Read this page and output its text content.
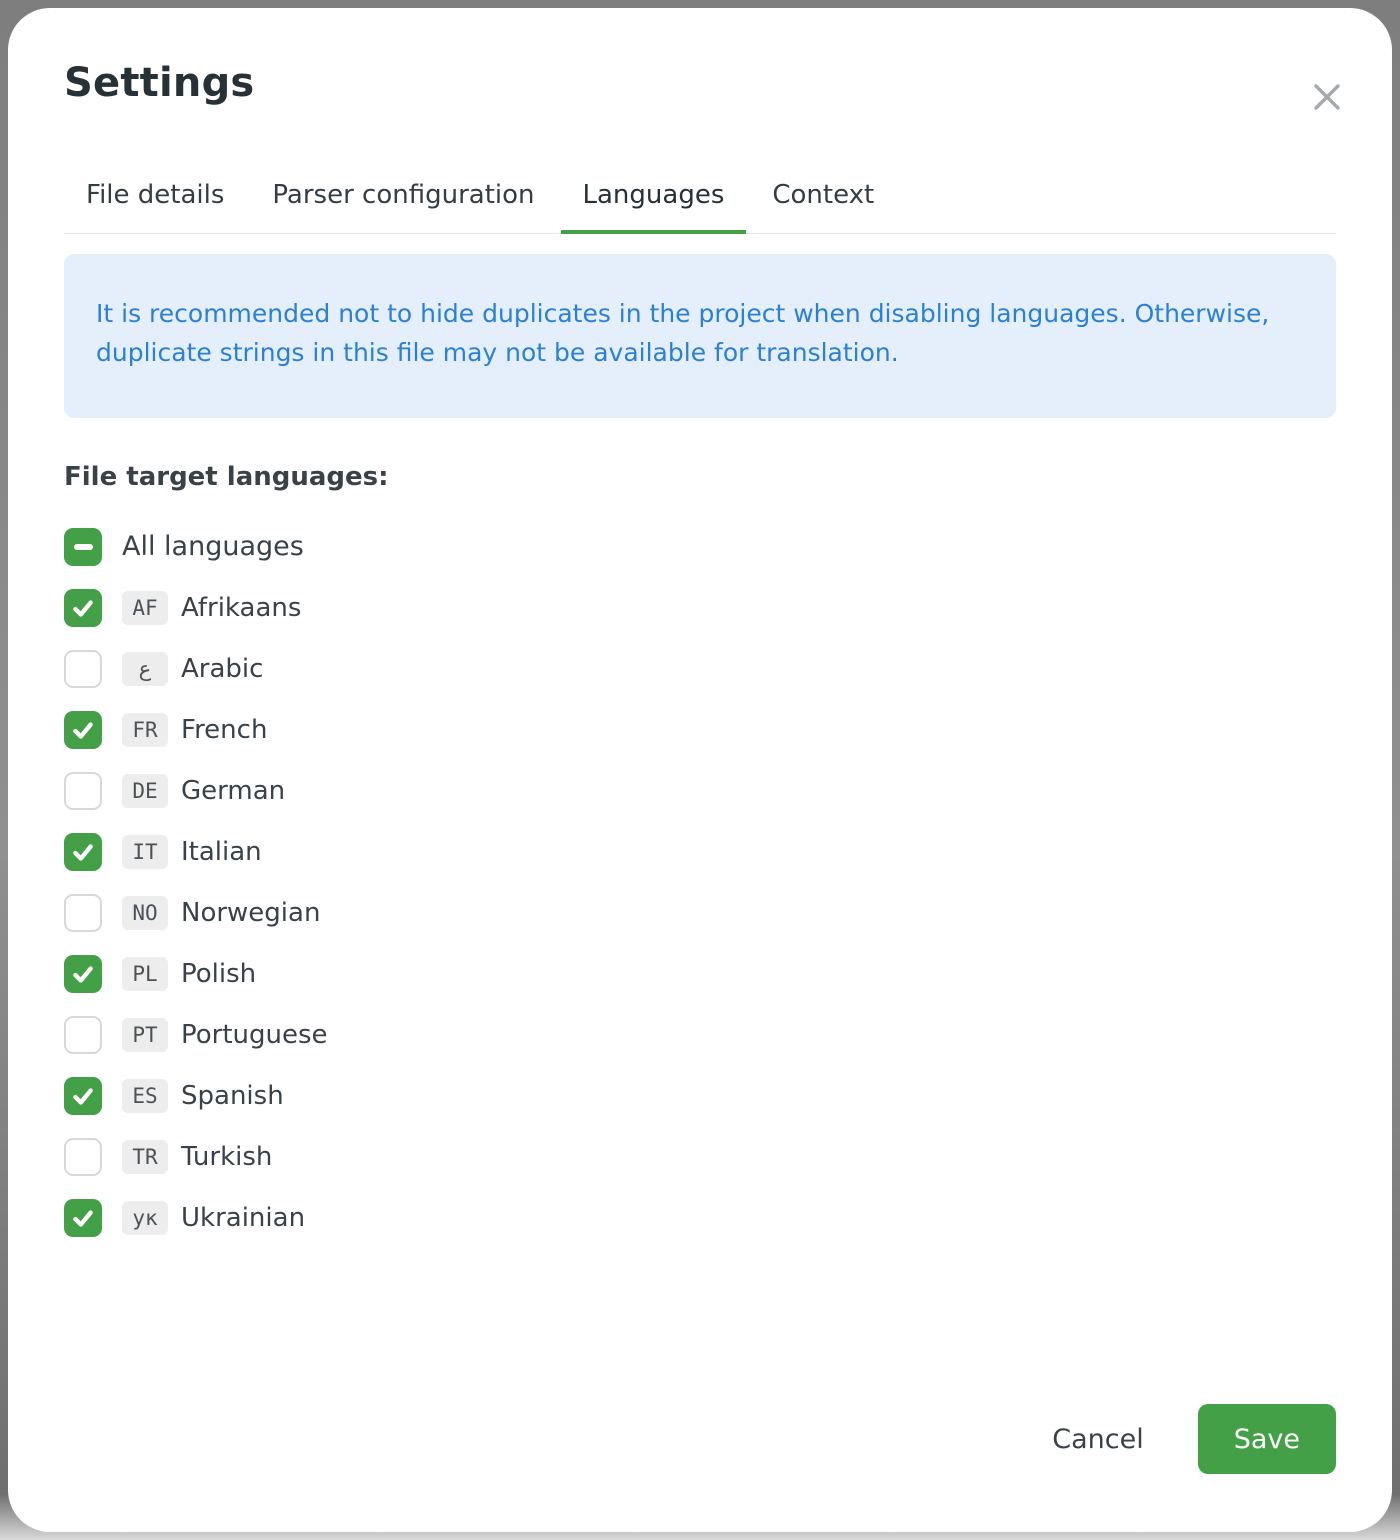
Settings
File details	Parser configuration	Languages	Context
It is recommended not to hide duplicates in the project when disabling languages. Otherwise,
duplicate strings in this file may not be available for translation.
File target languages:
All languages
AF Afrikaans
ع	Arabic
FR French
DE German
IT Italian
NO Norwegian
PL Polish
PT Portuguese
ES Spanish
TR Turkish
ук Ukrainian
Cancel	Save
